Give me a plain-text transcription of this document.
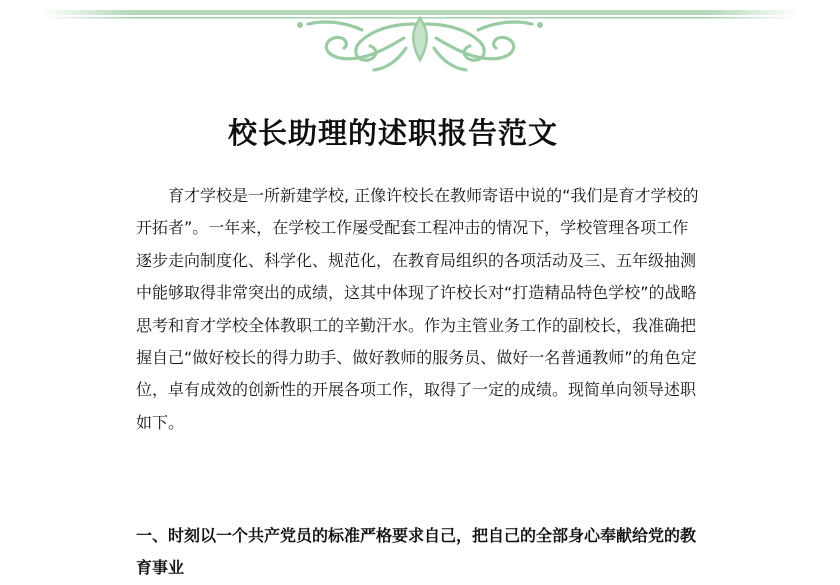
校长助理的述职报告范文
育才学校是一所新建学校, 正像许校长在教师寄语中说的“我们是育才学校的
开拓者”。一年来，在学校工作屡受配套工程冲击的情况下，学校管理各项工作
逐步走向制度化、科学化、规范化，在教育局组织的各项活动及三、五年级抽测
中能够取得非常突出的成绩，这其中体现了许校长对“打造精品特色学校”的战略
思考和育才学校全体教职工的辛勤汗水。作为主管业务工作的副校长，我准确把
握自己“做好校长的得力助手、做好教师的服务员、做好一名普通教师”的角色定
位，卓有成效的创新性的开展各项工作，取得了一定的成绩。现简单向领导述职
如下。
一、时刻以一个共产党员的标准严格要求自己，把自己的全部身心奉献给党的教
育事业
